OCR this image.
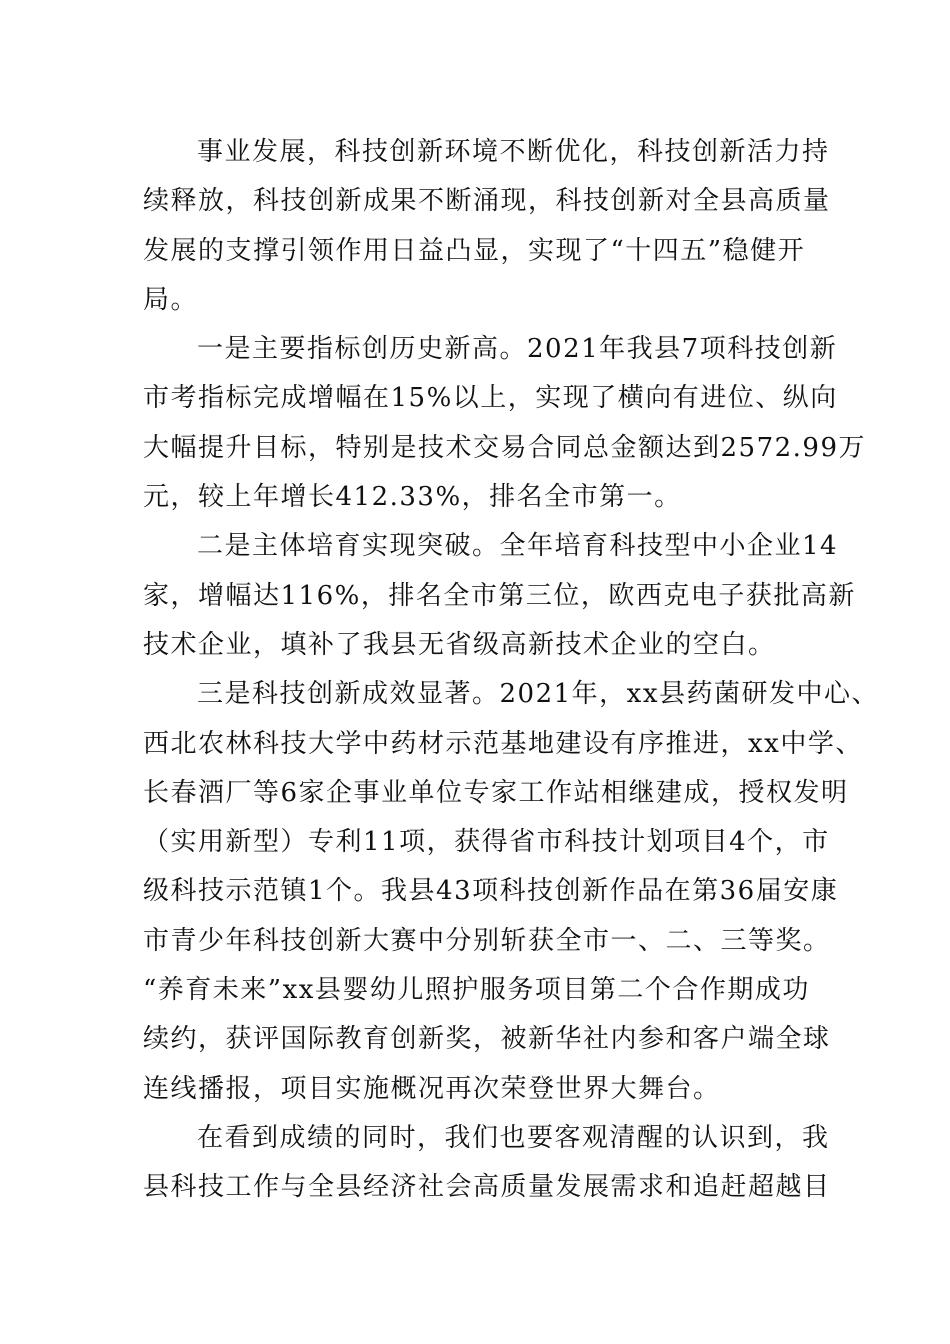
事业发展，科技创新环境不断优化，科技创新活力持
续释放，科技创新成果不断涌现，科技创新对全县高质量
发展的支撑引领作用日益凸显，实现了“十四五”稳健开
局。
一是主要指标创历史新高。2021年我县7项科技创新
市考指标完成增幅在15%以上，实现了横向有进位、纵向
大幅提升目标，特别是技术交易合同总金额达到2572.99万
元，较上年增长412.33%，排名全市第一。
二是主体培育实现突破。全年培育科技型中小企业14
家，增幅达116%，排名全市第三位，欧西克电子获批高新
技术企业，填补了我县无省级高新技术企业的空白。
三是科技创新成效显著。2021年，xx县药菌研发中心、
西北农林科技大学中药材示范基地建设有序推进，xx中学、
长春酒厂等6家企事业单位专家工作站相继建成，授权发明
（实用新型）专利11项，获得省市科技计划项目4个，市
级科技示范镇1个。我县43项科技创新作品在第36届安康
市青少年科技创新大赛中分别斩获全市一、二、三等奖。
“养育未来”xx县婴幼儿照护服务项目第二个合作期成功
续约，获评国际教育创新奖，被新华社内参和客户端全球
连线播报，项目实施概况再次荣登世界大舞台。
在看到成绩的同时，我们也要客观清醒的认识到，我
县科技工作与全县经济社会高质量发展需求和追赶超越目
